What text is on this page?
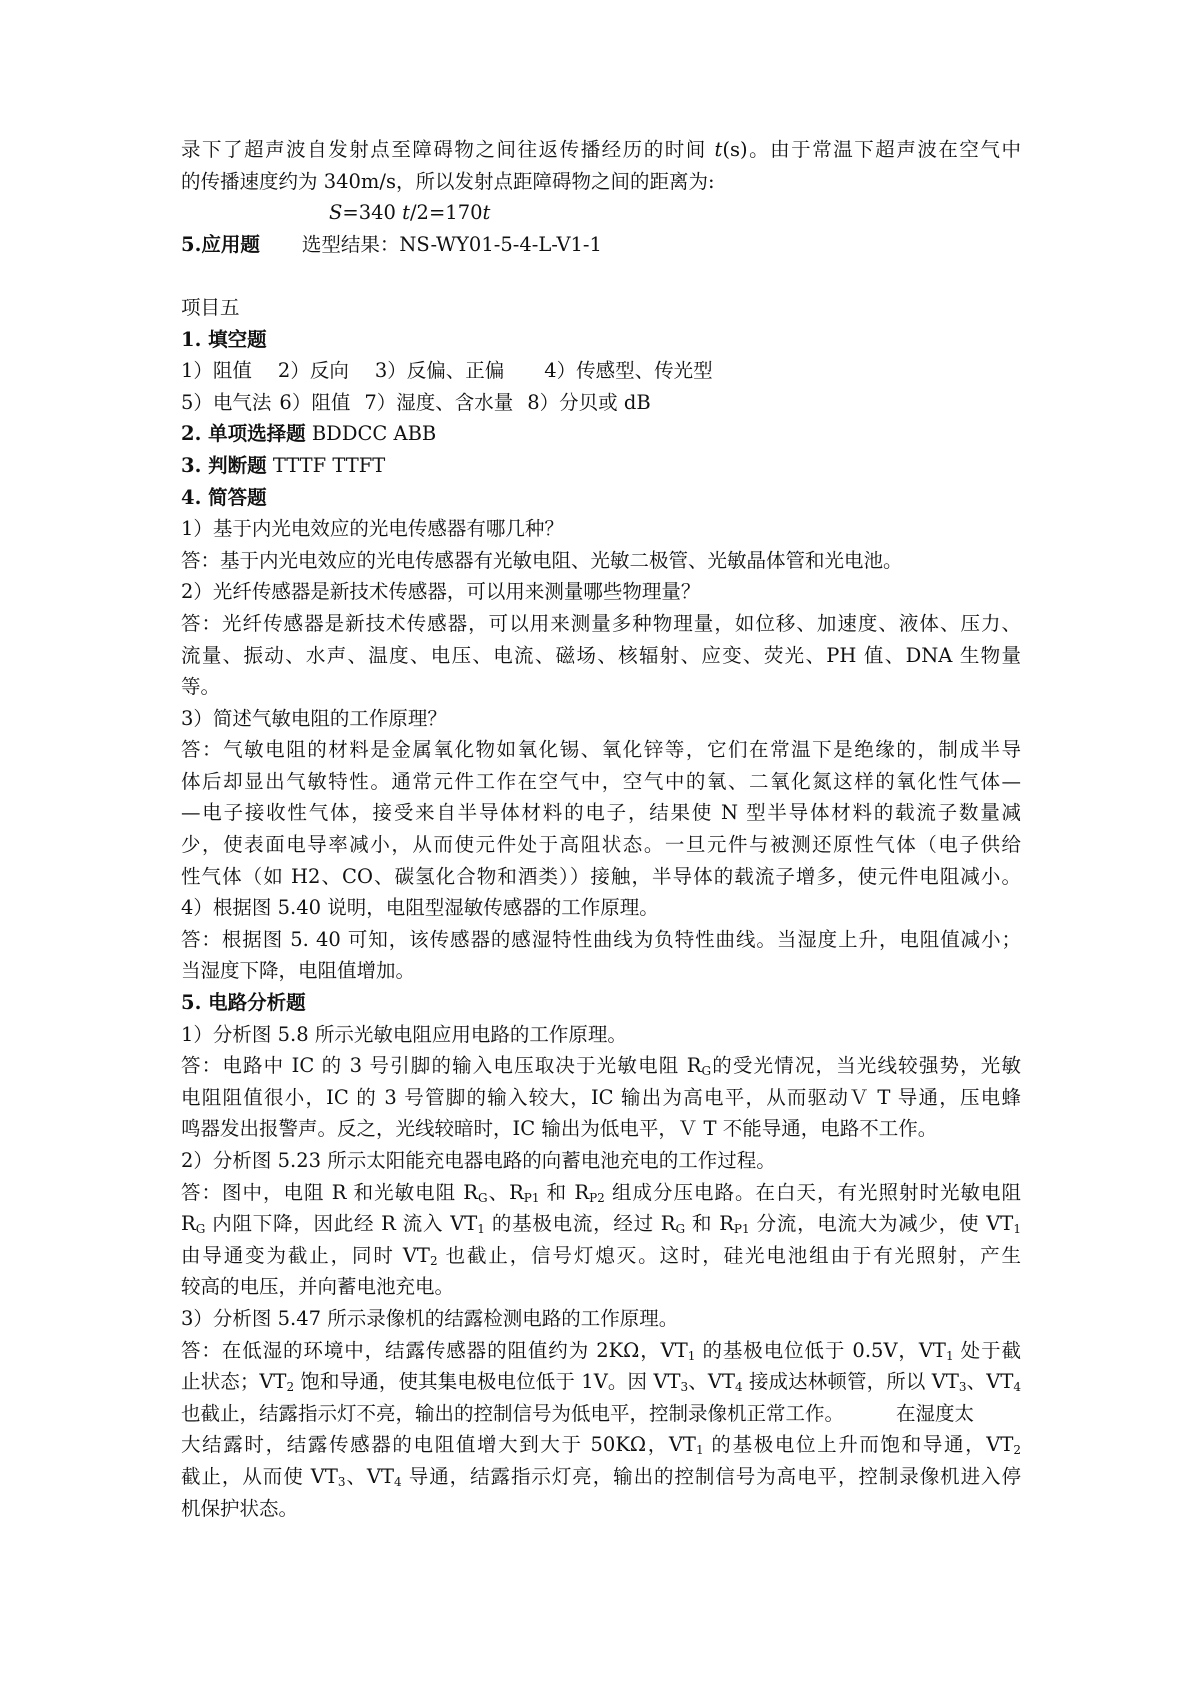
录下了超声波自发射点至障碍物之间往返传播经历的时间 t(s)。由于常温下超声波在空气中
的传播速度约为 340m/s，所以发射点距障碍物之间的距离为:
S=340 t/2=170t
5.应用题 选型结果：NS-WY01-5-4-L-V1-1
项目五
1. 填空题
1）阻值 2）反向 3）反偏、正偏 4）传感型、传光型
5）电气法 6）阻值 7）湿度、含水量 8）分贝或 dB
2. 单项选择题 BDDCC ABB
3. 判断题 TTTF TTFT
4. 简答题
1）基于内光电效应的光电传感器有哪几种？
答：基于内光电效应的光电传感器有光敏电阻、光敏二极管、光敏晶体管和光电池。
2）光纤传感器是新技术传感器，可以用来测量哪些物理量？
答：光纤传感器是新技术传感器，可以用来测量多种物理量，如位移、加速度、液体、压力、
流量、振动、水声、温度、电压、电流、磁场、核辐射、应变、荧光、PH 值、DNA 生物量
等。
3）简述气敏电阻的工作原理？
答：气敏电阻的材料是金属氧化物如氧化锡、氧化锌等，它们在常温下是绝缘的，制成半导
体后却显出气敏特性。通常元件工作在空气中，空气中的氧、二氧化氮这样的氧化性气体—
—电子接收性气体，接受来自半导体材料的电子，结果使 N 型半导体材料的载流子数量减
少，使表面电导率减小，从而使元件处于高阻状态。一旦元件与被测还原性气体（电子供给
性气体（如 H2、CO、碳氢化合物和酒类））接触，半导体的载流子增多，使元件电阻减小。
4）根据图 5.40 说明，电阻型湿敏传感器的工作原理。
答：根据图 5. 40 可知，该传感器的感湿特性曲线为负特性曲线。当湿度上升，电阻值减小；
当湿度下降，电阻值增加。
5. 电路分析题
1）分析图 5.8 所示光敏电阻应用电路的工作原理。
答：电路中 IC 的 3 号引脚的输入电压取决于光敏电阻 $R_G$的受光情况，当光线较强势，光敏
电阻阻值很小，IC 的 3 号管脚的输入较大，IC 输出为高电平，从而驱动Ｖ T 导通，压电蜂
鸣器发出报警声。反之，光线较暗时，IC 输出为低电平，Ｖ T 不能导通，电路不工作。
2）分析图 5.23 所示太阳能充电器电路的向蓄电池充电的工作过程。
答：图中，电阻 R 和光敏电阻 $R_G$、$R_{P1}$ 和 $R_{P2}$ 组成分压电路。在白天，有光照射时光敏电阻
$R_G$ 内阻下降，因此经 R 流入 $VT_1$ 的基极电流，经过 $R_G$ 和 $R_{P1}$ 分流，电流大为减少，使 $VT_1$
由导通变为截止，同时 $VT_2$ 也截止，信号灯熄灭。这时，硅光电池组由于有光照射，产生
较高的电压，并向蓄电池充电。
3）分析图 5.47 所示录像机的结露检测电路的工作原理。
答：在低湿的环境中，结露传感器的阻值约为 2KΩ，$VT_1$ 的基极电位低于 0.5V，$VT_1$ 处于截
止状态；$VT_2$ 饱和导通，使其集电极电位低于 1V。因 $VT_3$、$VT_4$ 接成达林顿管，所以 $VT_3$、$VT_4$
也截止，结露指示灯不亮，输出的控制信号为低电平，控制录像机正常工作。	在湿度太
大结露时，结露传感器的电阻值增大到大于 50KΩ，$VT_1$ 的基极电位上升而饱和导通，$VT_2$
截止，从而使 $VT_3$、$VT_4$ 导通，结露指示灯亮，输出的控制信号为高电平，控制录像机进入停
机保护状态。
